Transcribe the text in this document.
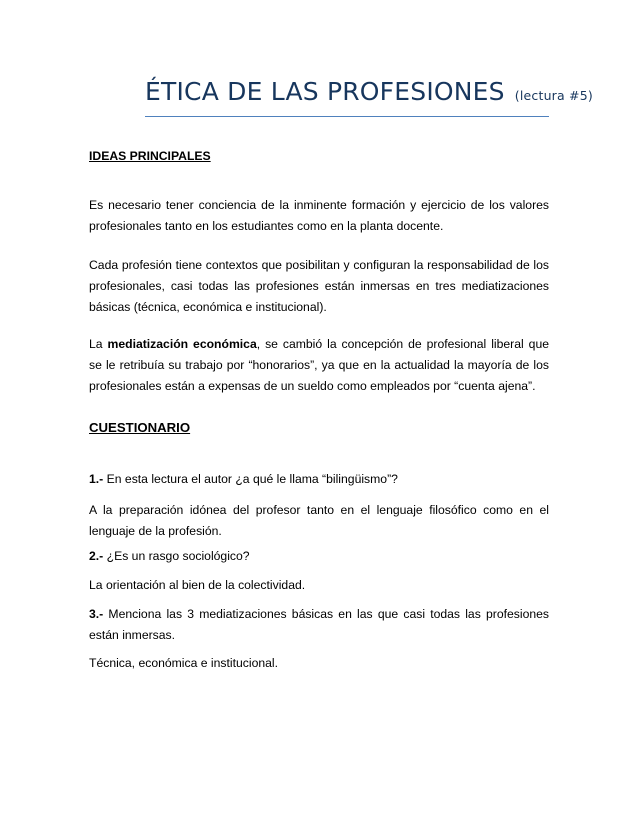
ÉTICA DE LAS PROFESIONES (lectura #5)

IDEAS PRINCIPALES

Es necesario tener conciencia de la inminente formación y ejercicio de los valores profesionales tanto en los estudiantes como en la planta docente.

Cada profesión tiene contextos que posibilitan y configuran la responsabilidad de los profesionales, casi todas las profesiones están inmersas en tres mediatizaciones básicas (técnica, económica e institucional).

La mediatización económica, se cambió la concepción de profesional liberal que se le retribuía su trabajo por “honorarios”, ya que en la actualidad la mayoría de los profesionales están a expensas de un sueldo como empleados por “cuenta ajena”.

CUESTIONARIO

1.- En esta lectura el autor ¿a qué le llama “bilingüismo”?

A la preparación idónea del profesor tanto en el lenguaje filosófico como en el lenguaje de la profesión.

2.- ¿Es un rasgo sociológico?

La orientación al bien de la colectividad.

3.- Menciona las 3 mediatizaciones básicas en las que casi todas las profesiones están inmersas.

Técnica, económica e institucional.
